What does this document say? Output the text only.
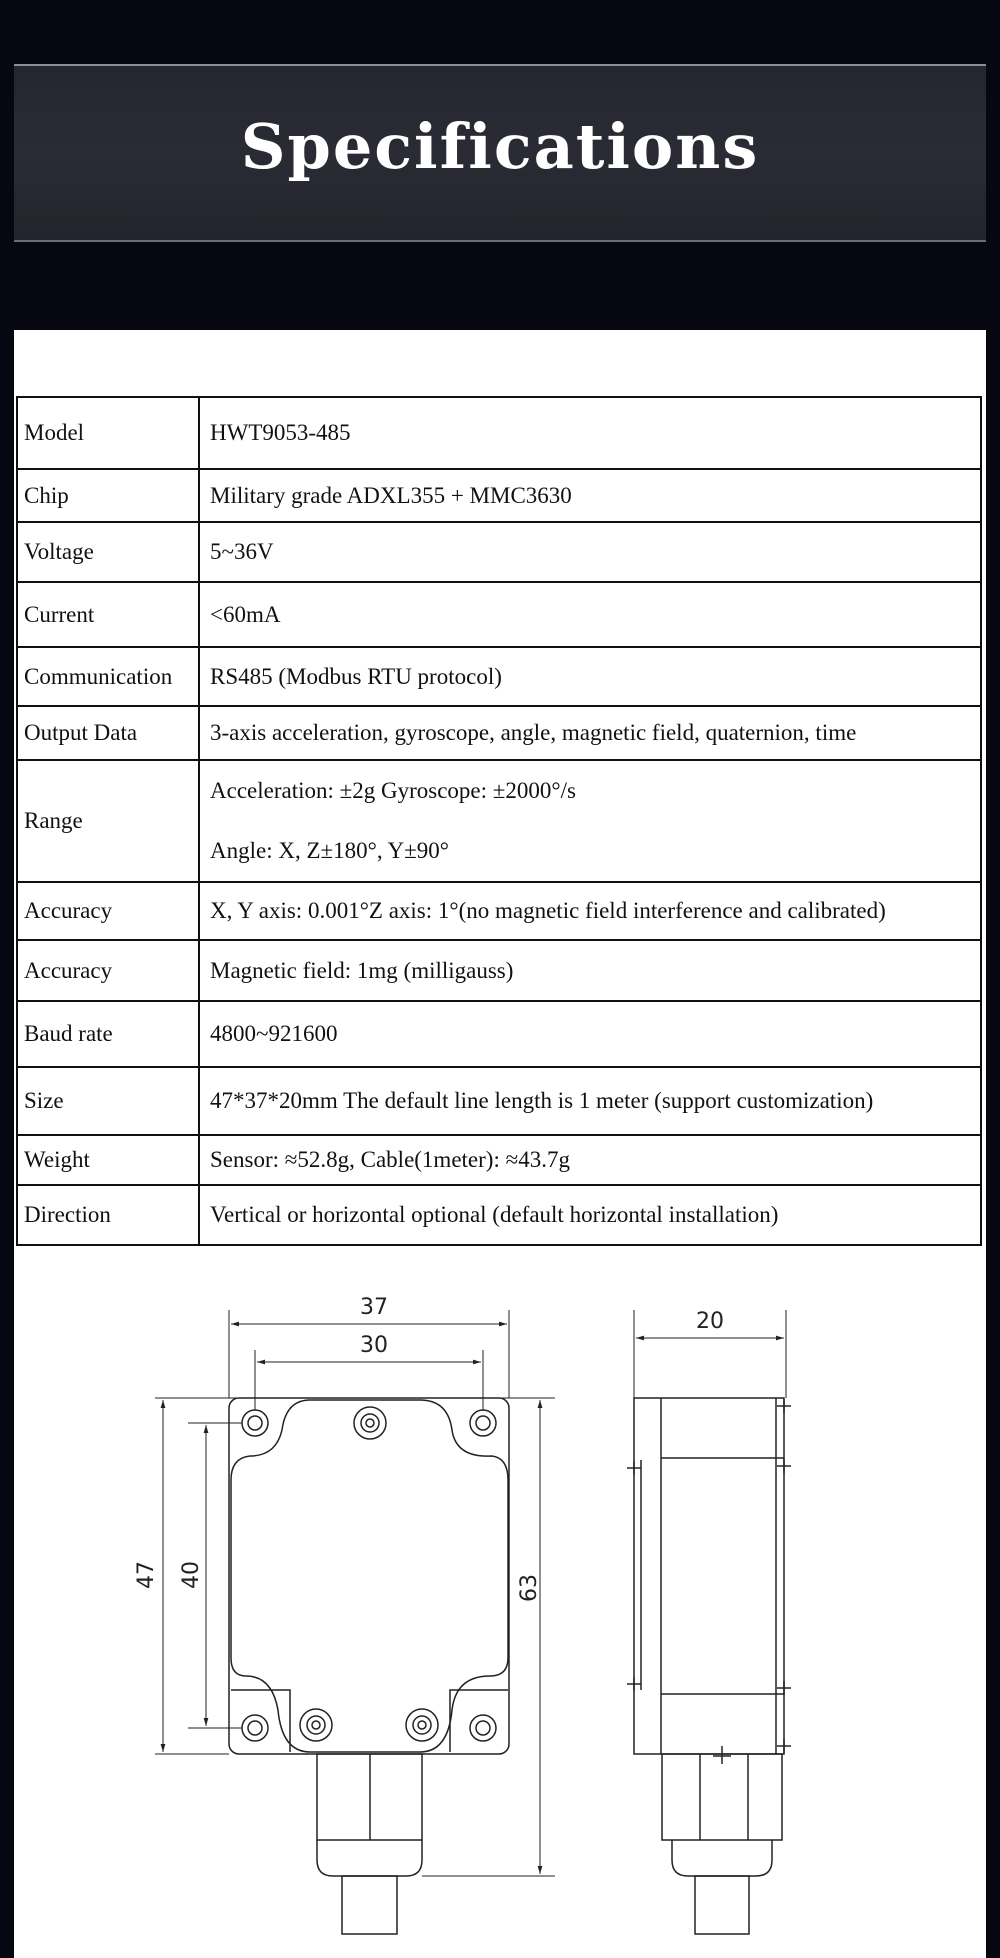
Specifications
Model	HWT9053-485
Chip	Military grade ADXL355 + MMC3630
Voltage	5~36V
Current	<60mA
Communication	RS485 (Modbus RTU protocol)
Output Data	3-axis acceleration, gyroscope, angle, magnetic field, quaternion, time
Range	Acceleration: ±2g Gyroscope: ±2000°/s
Angle: X, Z±180°, Y±90°

Accuracy	X, Y axis: 0.001°Z axis: 1°(no magnetic field interference and calibrated)
Accuracy	Magnetic field: 1mg (milligauss)
Baud rate	4800~921600
Size	47*37*20mm The default line length is 1 meter (support customization)
Weight	Sensor: ≈52.8g, Cable(1meter): ≈43.7g
Direction	Vertical or horizontal optional (default horizontal installation)
37
30
20
47 40	63
